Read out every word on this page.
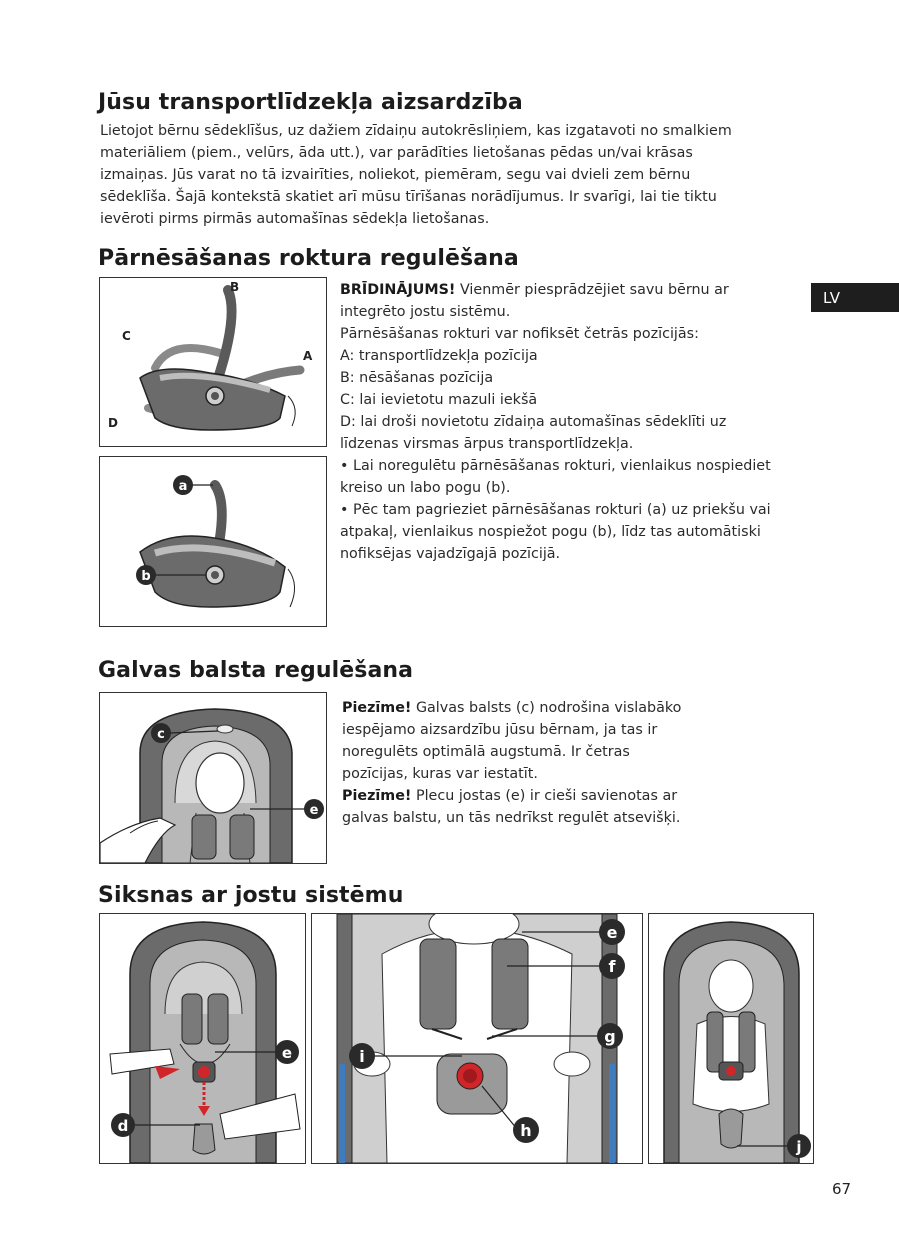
Jūsu transportlīdzekļa aizsardzība
Lietojot bērnu sēdeklīšus, uz dažiem zīdaiņu autokrēsliņiem, kas izgatavoti no smalkiem
materiāliem (piem., velūrs, āda utt.), var parādīties lietošanas pēdas un/vai krāsas
izmaiņas. Jūs varat no tā izvairīties, noliekot, piemēram, segu vai dvieli zem bērnu
sēdeklīša. Šajā kontekstā skatiet arī mūsu tīrīšanas norādījumus. Ir svarīgi, lai tie tiktu
ievēroti pirms pirmās automašīnas sēdekļa lietošanas.
Pārnēsāšanas roktura regulēšana
LV
B
C
A
D
a
b
BRĪDINĀJUMS! Vienmēr piesprādzējiet savu bērnu ar
integrēto jostu sistēmu.
Pārnēsāšanas rokturi var nofiksēt četrās pozīcijās:
A: transportlīdzekļa pozīcija
B: nēsāšanas pozīcija
C: lai ievietotu mazuli iekšā
D: lai droši novietotu zīdaiņa automašīnas sēdeklīti uz
līdzenas virsmas ārpus transportlīdzekļa.
• Lai noregulētu pārnēsāšanas rokturi, vienlaikus nospiediet
kreiso un labo pogu (b).
• Pēc tam pagrieziet pārnēsāšanas rokturi (a) uz priekšu vai
atpakaļ, vienlaikus nospiežot pogu (b), līdz tas automātiski
nofiksējas vajadzīgajā pozīcijā.
Galvas balsta regulēšana
c
e
Piezīme! Galvas balsts (c) nodrošina vislabāko
iespējamo aizsardzību jūsu bērnam, ja tas ir
noregulēts optimālā augstumā. Ir četras
pozīcijas, kuras var iestatīt.
Piezīme! Plecu jostas (e) ir cieši savienotas ar
galvas balstu, un tās nedrīkst regulēt atsevišķi.
Siksnas ar jostu sistēmu
e
d
e
f
g
i
h
j
67
